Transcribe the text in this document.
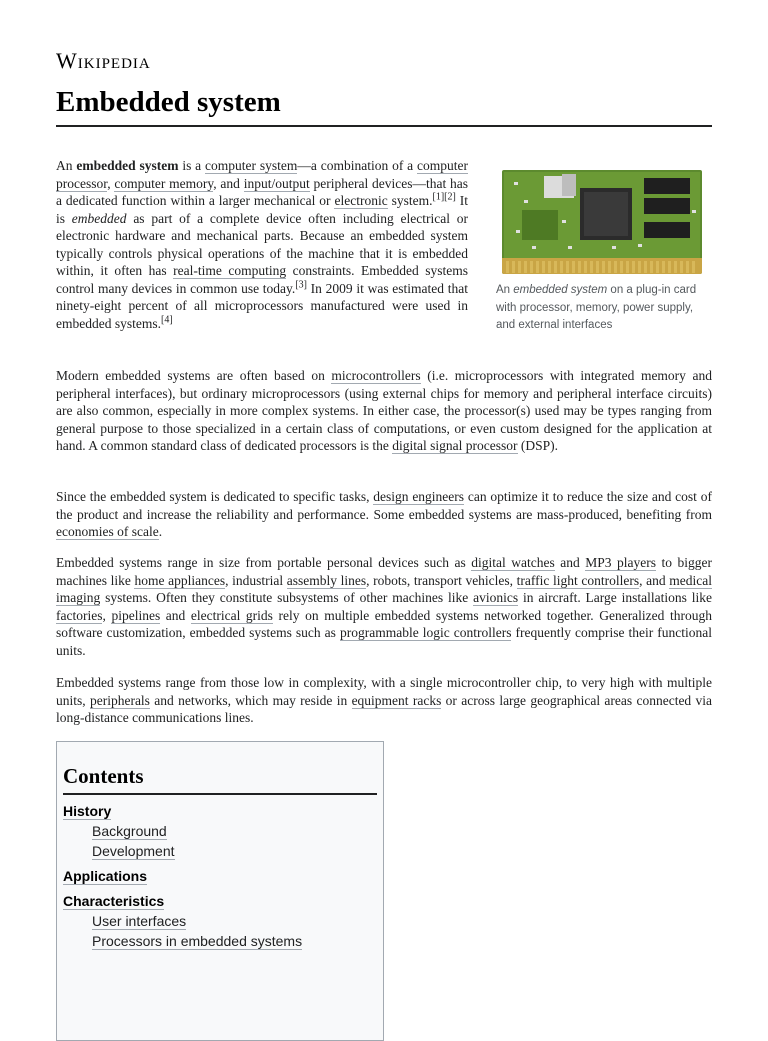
Wikipedia
Embedded system
An embedded system on a plug-in card with processor, memory, power supply, and external interfaces

An embedded system is a computer system—a combination of a computer processor, computer memory, and input/output peripheral devices—that has a dedicated function within a larger mechanical or electronic system.[1][2] It is embedded as part of a complete device often including electrical or electronic hardware and mechanical parts. Because an embedded system typically controls physical operations of the machine that it is embedded within, it often has real-time computing constraints. Embedded systems control many devices in common use today.[3] In 2009 it was estimated that ninety-eight percent of all microprocessors manufactured were used in embedded systems.[4]

Modern embedded systems are often based on microcontrollers (i.e. microprocessors with integrated memory and peripheral interfaces), but ordinary microprocessors (using external chips for memory and peripheral interface circuits) are also common, especially in more complex systems. In either case, the processor(s) used may be types ranging from general purpose to those specialized in a certain class of computations, or even custom designed for the application at hand. A common standard class of dedicated processors is the digital signal processor (DSP).

Since the embedded system is dedicated to specific tasks, design engineers can optimize it to reduce the size and cost of the product and increase the reliability and performance. Some embedded systems are mass-produced, benefiting from economies of scale.

Embedded systems range in size from portable personal devices such as digital watches and MP3 players to bigger machines like home appliances, industrial assembly lines, robots, transport vehicles, traffic light controllers, and medical imaging systems. Often they constitute subsystems of other machines like avionics in aircraft. Large installations like factories, pipelines and electrical grids rely on multiple embedded systems networked together. Generalized through software customization, embedded systems such as programmable logic controllers frequently comprise their functional units.

Embedded systems range from those low in complexity, with a single microcontroller chip, to very high with multiple units, peripherals and networks, which may reside in equipment racks or across large geographical areas connected via long-distance communications lines.

Contents
History
Background
Development
Applications
Characteristics
User interfaces
Processors in embedded systems
